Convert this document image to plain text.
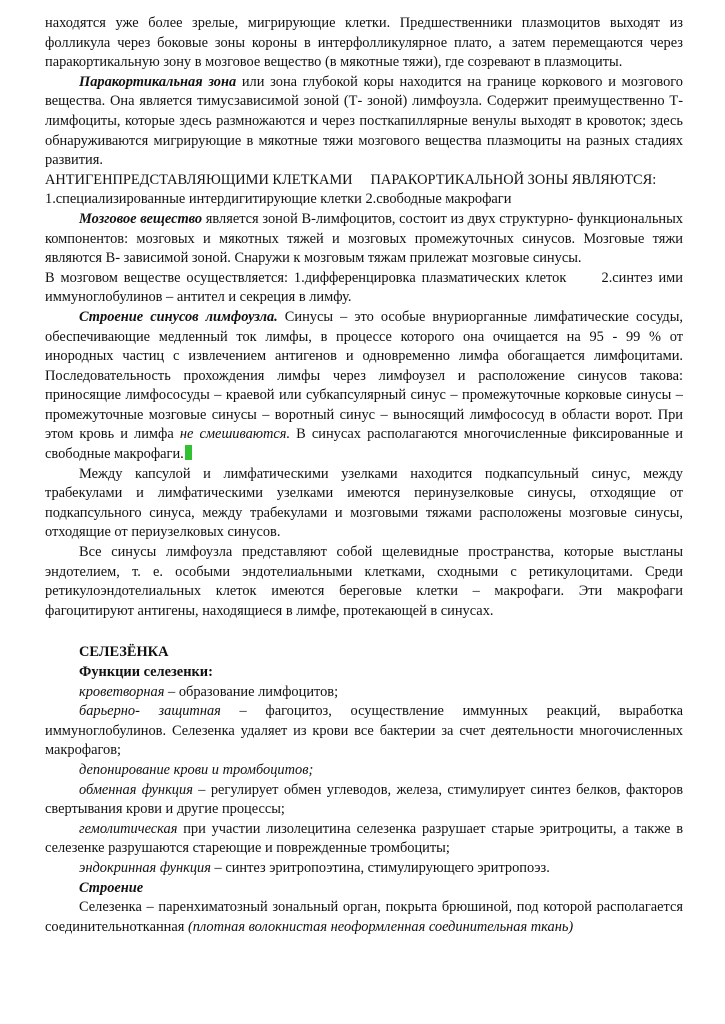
находятся уже более зрелые, мигрирующие клетки. Предшественники плазмоцитов выходят из фолликула через боковые зоны короны в интерфолликулярное плато, а затем перемещаются через паракортикальную зону в мозговое вещество (в мякотные тяжи), где созревают в плазмоциты.

Паракортикальная зона или зона глубокой коры находится на границе коркового и мозгового вещества. Она является тимусзависимой зоной (Т- зоной) лимфоузла. Содержит преимущественно Т- лимфоциты, которые здесь размножаются и через посткапиллярные венулы выходят в кровоток; здесь обнаруживаются мигрирующие в мякотные тяжи мозгового вещества плазмоциты на разных стадиях развития.

АНТИГЕНПРЕДСТАВЛЯЮЩИМИ КЛЕТКАМИ     ПАРАКОРТИКАЛЬНОЙ ЗОНЫ ЯВЛЯЮТСЯ:
1.специализированные интердигитирующие клетки 2.свободные макрофаги

Мозговое вещество является зоной В-лимфоцитов, состоит из двух структурно- функциональных компонентов: мозговых и мякотных тяжей и мозговых промежуточных синусов. Мозговые тяжи являются В- зависимой зоной. Снаружи к мозговым тяжам прилежат мозговые синусы.

В мозговом веществе осуществляется: 1.дифференцировка плазматических клеток      2.синтез ими иммуноглобулинов – антител и секреция в лимфу.

Строение синусов лимфоузла. Синусы – это особые внуриорганные лимфатические сосуды, обеспечивающие медленный ток лимфы, в процессе которого она очищается на 95 - 99 % от инородных частиц с извлечением антигенов и одновременно лимфа обогащается лимфоцитами. Последовательность прохождения лимфы через лимфоузел и расположение синусов такова: приносящие лимфососуды – краевой или субкапсулярный синус – промежуточные корковые синусы – промежуточные мозговые синусы – воротный синус – выносящий лимфососуд в области ворот. При этом кровь и лимфа не смешиваются. В синусах располагаются многочисленные фиксированные и свободные макрофаги.

Между капсулой и лимфатическими узелками находится подкапсульный синус, между трабекулами и лимфатическими узелками имеются перинузелковые синусы, отходящие от подкапсульного синуса, между трабекулами и мозговыми тяжами расположены мозговые синусы, отходящие от периузелковых синусов.

Все синусы лимфоузла представляют собой щелевидные пространства, которые выстланы эндотелием, т. е. особыми эндотелиальными клетками, сходными с ретикулоцитами. Среди ретикулоэндотелиальных клеток имеются береговые клетки – макрофаги. Эти макрофаги фагоцитируют антигены, находящиеся в лимфе, протекающей в синусах.

СЕЛЕЗЁНКА

Функции селезенки:

кроветворная – образование лимфоцитов;

барьерно- защитная – фагоцитоз, осуществление иммунных реакций, выработка иммуноглобулинов. Селезенка удаляет из крови все бактерии за счет деятельности многочисленных макрофагов;

депонирование крови и тромбоцитов;

обменная функция – регулирует обмен углеводов, железа, стимулирует синтез белков, факторов свертывания крови и другие процессы;

гемолитическая при участии лизолецитина селезенка разрушает старые эритроциты, а также в селезенке разрушаются стареющие и поврежденные тромбоциты;

эндокринная функция – синтез эритропоэтина, стимулирующего эритропоэз.

Строение

Селезенка – паренхиматозный зональный орган, покрыта брюшиной, под которой располагается соединительнотканная (плотная волокнистая неоформленная соединительная ткань)
